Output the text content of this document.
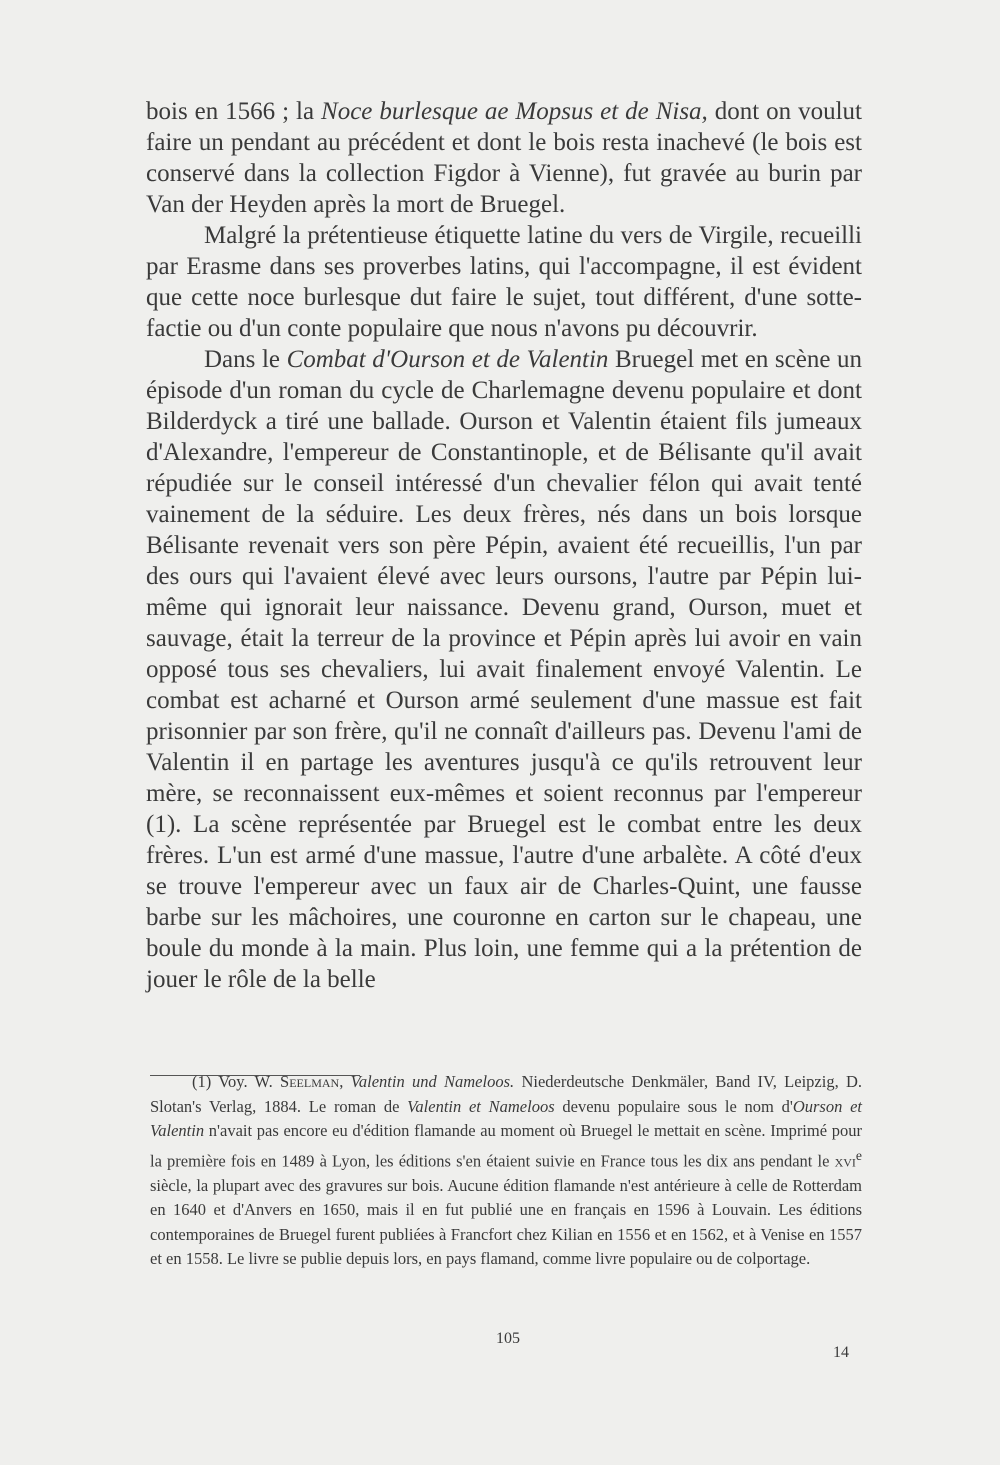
bois en 1566 ; la Noce burlesque ae Mopsus et de Nisa, dont on voulut faire un pendant au précédent et dont le bois resta inachevé (le bois est conservé dans la collection Figdor à Vienne), fut gravée au burin par Van der Heyden après la mort de Bruegel.

Malgré la prétentieuse étiquette latine du vers de Virgile, recueilli par Erasme dans ses proverbes latins, qui l'accompagne, il est évident que cette noce burlesque dut faire le sujet, tout différent, d'une sotte-factie ou d'un conte populaire que nous n'avons pu découvrir.

Dans le Combat d'Ourson et de Valentin Bruegel met en scène un épisode d'un roman du cycle de Charlemagne devenu populaire et dont Bilderdyck a tiré une ballade. Ourson et Valentin étaient fils jumeaux d'Alexandre, l'empereur de Constantinople, et de Bélisante qu'il avait répudiée sur le conseil intéressé d'un chevalier félon qui avait tenté vainement de la séduire. Les deux frères, nés dans un bois lorsque Bélisante revenait vers son père Pépin, avaient été recueillis, l'un par des ours qui l'avaient élevé avec leurs oursons, l'autre par Pépin lui-même qui ignorait leur naissance. Devenu grand, Ourson, muet et sauvage, était la terreur de la province et Pépin après lui avoir en vain opposé tous ses chevaliers, lui avait finalement envoyé Valentin. Le combat est acharné et Ourson armé seulement d'une massue est fait prisonnier par son frère, qu'il ne connaît d'ailleurs pas. Devenu l'ami de Valentin il en partage les aventures jusqu'à ce qu'ils retrouvent leur mère, se reconnaissent eux-mêmes et soient reconnus par l'empereur (1). La scène représentée par Bruegel est le combat entre les deux frères. L'un est armé d'une massue, l'autre d'une arbalète. A côté d'eux se trouve l'empereur avec un faux air de Charles-Quint, une fausse barbe sur les mâchoires, une couronne en carton sur le chapeau, une boule du monde à la main. Plus loin, une femme qui a la prétention de jouer le rôle de la belle

(1) Voy. W. Seelman, Valentin und Nameloos. Niederdeutsche Denkmäler, Band IV, Leipzig, D. Slotan's Verlag, 1884. Le roman de Valentin et Nameloos devenu populaire sous le nom d'Ourson et Valentin n'avait pas encore eu d'édition flamande au moment où Bruegel le mettait en scène. Imprimé pour la première fois en 1489 à Lyon, les éditions s'en étaient suivie en France tous les dix ans pendant le xvi$^e$ siècle, la plupart avec des gravures sur bois. Aucune édition flamande n'est antérieure à celle de Rotterdam en 1640 et d'Anvers en 1650, mais il en fut publié une en français en 1596 à Louvain. Les éditions contemporaines de Bruegel furent publiées à Francfort chez Kilian en 1556 et en 1562, et à Venise en 1557 et en 1558. Le livre se publie depuis lors, en pays flamand, comme livre populaire ou de colportage.

105
14
